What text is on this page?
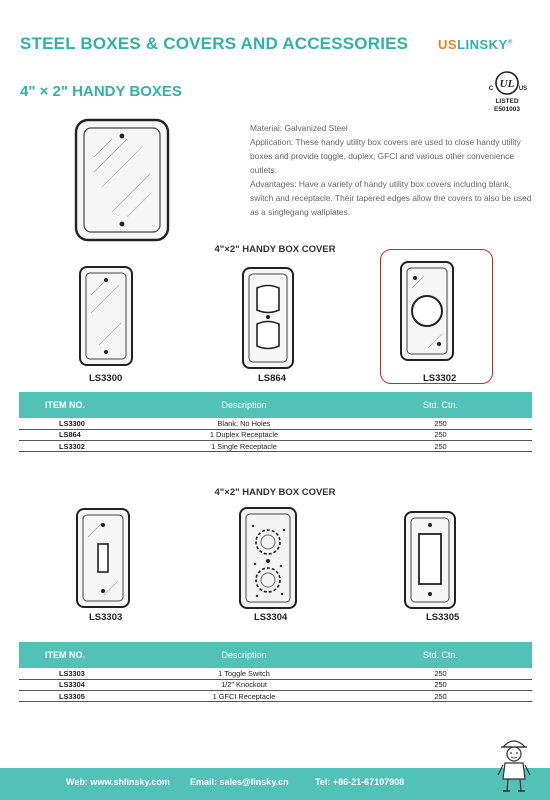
STEEL BOXES & COVERS AND ACCESSORIES USLINSKY®
4" × 2" HANDY BOXES	UL
C	US
LISTED
E501003

Material: Galvanized Steel

Application: These handy utility box covers are used to close handy utility boxes and provide toggle, duplex, GFCI and various other convenience outlets.

Advantages: Have a variety of handy utility box covers including blank, switch and receptacle. Their tapered edges allow the covers to also be used as a singlegang wallplates.

4"×2" HANDY BOX COVER
LS3300	LS864	LS3302
ITEM NO.	Description	Std. Ctn.
LS3300	Blank, No Holes	250
LS864	1 Duplex Receptacle	250
LS3302	1 Single Receptacle	250
4"×2" HANDY BOX COVER
LS3303	LS3304	LS3305
ITEM NO.	Description	Std. Ctn.
LS3303	1 Toggle Switch	250
LS3304	1/2" Knockout	250
LS3305	1 GFCI Receptacle	250
Web: www.shlinsky.com Email: sales@linsky.cn	Tel: +86-21-67107908
